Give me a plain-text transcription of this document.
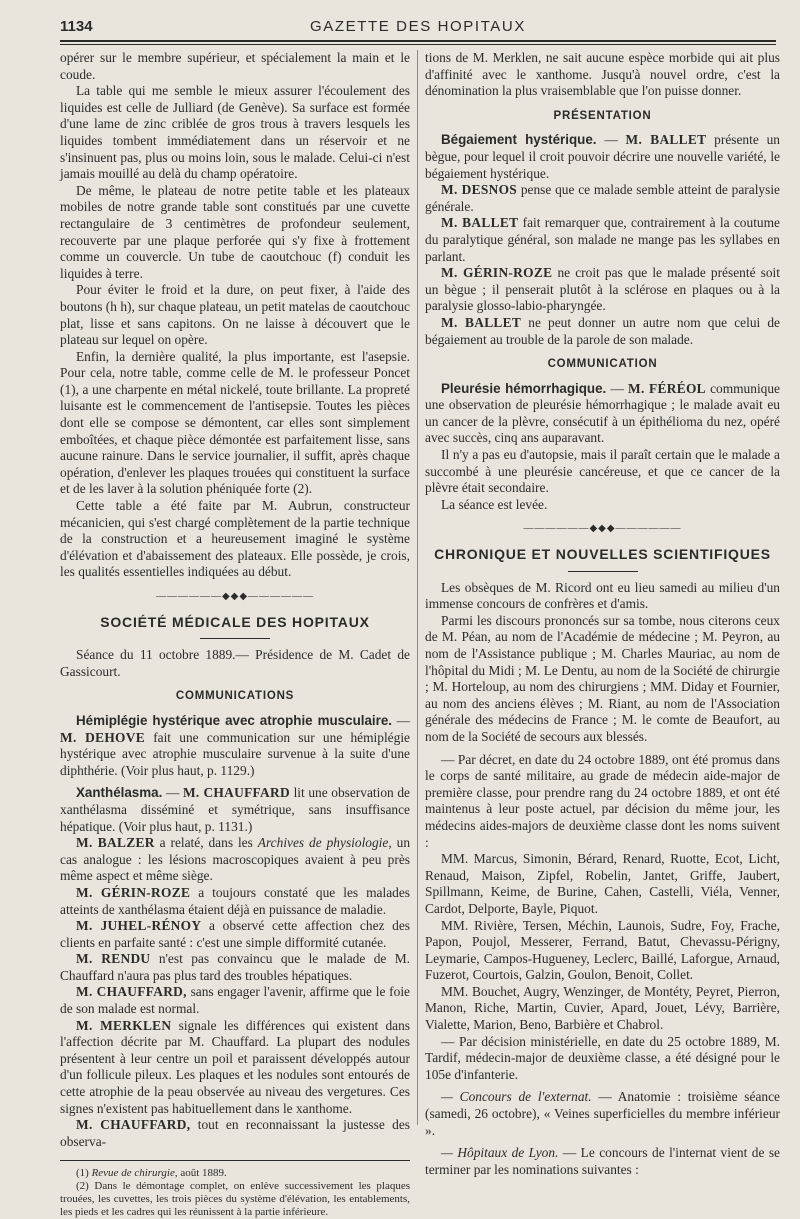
1134	GAZETTE DES HOPITAUX

opérer sur le membre supérieur, et spécialement la main et le coude.

La table qui me semble le mieux assurer l'écoulement des liquides est celle de Julliard (de Genève). Sa surface est formée d'une lame de zinc criblée de gros trous à travers lesquels les liquides tombent immédiatement dans un réservoir et ne s'insinuent pas, plus ou moins loin, sous le malade. Celui-ci n'est jamais mouillé au delà du champ opératoire.

De même, le plateau de notre petite table et les plateaux mobiles de notre grande table sont constitués par une cuvette rectangulaire de 3 centimètres de profondeur seulement, recouverte par une plaque perforée qui s'y fixe à frottement comme un couvercle. Un tube de caoutchouc (f) conduit les liquides à terre.

Pour éviter le froid et la dure, on peut fixer, à l'aide des boutons (h h), sur chaque plateau, un petit matelas de caoutchouc plat, lisse et sans capitons. On ne laisse à découvert que le plateau sur lequel on opère.

Enfin, la dernière qualité, la plus importante, est l'asepsie. Pour cela, notre table, comme celle de M. le professeur Poncet (1), a une charpente en métal nickelé, toute brillante. La propreté luisante est le commencement de l'antisepsie. Toutes les pièces dont elle se compose se démontent, car elles sont simplement emboîtées, et chaque pièce démontée est parfaitement lisse, sans aucune rainure. Dans le service journalier, il suffit, après chaque opération, d'enlever les plaques trouées qui constituent la surface et de les laver à la solution phéniquée forte (2).

Cette table a été faite par M. Aubrun, constructeur mécanicien, qui s'est chargé complètement de la partie technique de la construction et a heureusement imaginé le système d'élévation et d'abaissement des plateaux. Elle possède, je crois, les qualités essentielles indiquées au début.

——————◆◆◆——————
SOCIÉTÉ MÉDICALE DES HOPITAUX

Séance du 11 octobre 1889.— Présidence de M. Cadet de Gassicourt.

COMMUNICATIONS

Hémiplégie hystérique avec atrophie musculaire. — M. DEHOVE fait une communication sur une hémiplégie hystérique avec atrophie musculaire survenue à la suite d'une diphthérie. (Voir plus haut, p. 1129.)

Xanthélasma. — M. CHAUFFARD lit une observation de xanthélasma disséminé et symétrique, sans insuffisance hépatique. (Voir plus haut, p. 1131.)

M. BALZER a relaté, dans les Archives de physiologie, un cas analogue : les lésions macroscopiques avaient à peu près même aspect et même siège.

M. GÉRIN-ROZE a toujours constaté que les malades atteints de xanthélasma étaient déjà en puissance de maladie.

M. JUHEL-RÉNOY a observé cette affection chez des clients en parfaite santé : c'est une simple difformité cutanée.

M. RENDU n'est pas convaincu que le malade de M. Chauffard n'aura pas plus tard des troubles hépatiques.

M. CHAUFFARD, sans engager l'avenir, affirme que le foie de son malade est normal.

M. MERKLEN signale les différences qui existent dans l'affection décrite par M. Chauffard. La plupart des nodules présentent à leur centre un poil et paraissent développés autour d'un follicule pileux. Les plaques et les nodules sont entourés de cette atrophie de la peau observée au niveau des vergetures. Ces signes n'existent pas habituellement dans le xanthome.

M. CHAUFFARD, tout en reconnaissant la justesse des observa-

(1) Revue de chirurgie, août 1889.

(2) Dans le démontage complet, on enlève successivement les plaques trouées, les cuvettes, les trois pièces du système d'élévation, les entablements, les pieds et les cadres qui les réunissent à la partie inférieure.

tions de M. Merklen, ne sait aucune espèce morbide qui ait plus d'affinité avec le xanthome. Jusqu'à nouvel ordre, c'est la dénomination la plus vraisemblable que l'on puisse donner.

PRÉSENTATION

Bégaiement hystérique. — M. BALLET présente un bègue, pour lequel il croit pouvoir décrire une nouvelle variété, le bégaiement hystérique.

M. DESNOS pense que ce malade semble atteint de paralysie générale.

M. BALLET fait remarquer que, contrairement à la coutume du paralytique général, son malade ne mange pas les syllabes en parlant.

M. GÉRIN-ROZE ne croit pas que le malade présenté soit un bègue ; il penserait plutôt à la sclérose en plaques ou à la paralysie glosso-labio-pharyngée.

M. BALLET ne peut donner un autre nom que celui de bégaiement au trouble de la parole de son malade.

COMMUNICATION

Pleurésie hémorrhagique. — M. FÉRÉOL communique une observation de pleurésie hémorrhagique ; le malade avait eu un cancer de la plèvre, consécutif à un épithélioma du nez, opéré avec succès, cinq ans auparavant.

Il n'y a pas eu d'autopsie, mais il paraît certain que le malade a succombé à une pleurésie cancéreuse, et que ce cancer de la plèvre était secondaire.

La séance est levée.

——————◆◆◆——————
CHRONIQUE ET NOUVELLES SCIENTIFIQUES

Les obsèques de M. Ricord ont eu lieu samedi au milieu d'un immense concours de confrères et d'amis.

Parmi les discours prononcés sur sa tombe, nous citerons ceux de M. Péan, au nom de l'Académie de médecine ; M. Peyron, au nom de l'Assistance publique ; M. Charles Mauriac, au nom de l'hôpital du Midi ; M. Le Dentu, au nom de la Société de chirurgie ; M. Horteloup, au nom des chirurgiens ; MM. Diday et Fournier, au nom des anciens élèves ; M. Riant, au nom de l'Association générale des médecins de France ; M. le comte de Beaufort, au nom de la Société de secours aux blessés.

— Par décret, en date du 24 octobre 1889, ont été promus dans le corps de santé militaire, au grade de médecin aide-major de première classe, pour prendre rang du 24 octobre 1889, et ont été maintenus à leur poste actuel, par décision du même jour, les médecins aides-majors de deuxième classe dont les noms suivent :

MM. Marcus, Simonin, Bérard, Renard, Ruotte, Ecot, Licht, Renaud, Maison, Zipfel, Robelin, Jantet, Griffe, Jaubert, Spillmann, Keime, de Burine, Cahen, Castelli, Viéla, Venner, Cardot, Delporte, Bayle, Piquot.

MM. Rivière, Tersen, Méchin, Launois, Sudre, Foy, Frache, Papon, Poujol, Messerer, Ferrand, Batut, Chevassu-Périgny, Leymarie, Campos-Hugueney, Leclerc, Baillé, Laforgue, Arnaud, Fuzerot, Courtois, Galzin, Goulon, Benoit, Collet.

MM. Bouchet, Augry, Wenzinger, de Montéty, Peyret, Pierron, Manon, Riche, Martin, Cuvier, Apard, Jouet, Lévy, Barrière, Vialette, Marion, Beno, Barbière et Chabrol.

— Par décision ministérielle, en date du 25 octobre 1889, M. Tardif, médecin-major de deuxième classe, a été désigné pour le 105e d'infanterie.

— Concours de l'externat. — Anatomie : troisième séance (samedi, 26 octobre), « Veines superficielles du membre inférieur ».

— Hôpitaux de Lyon. — Le concours de l'internat vient de se terminer par les nominations suivantes :
